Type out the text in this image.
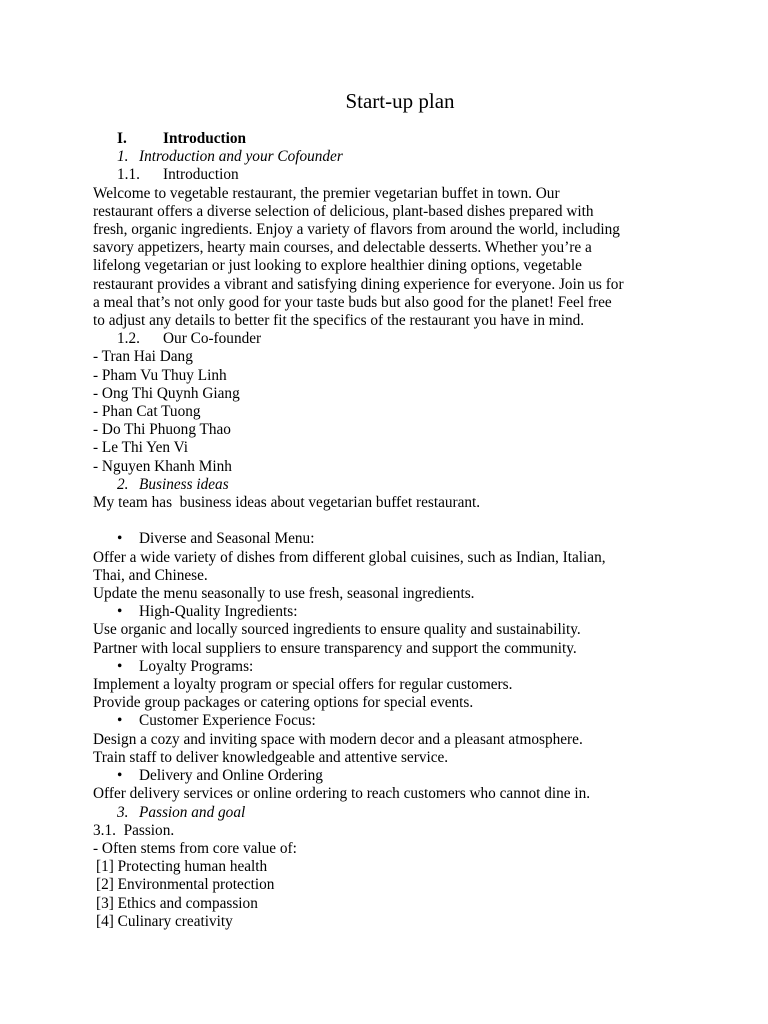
Start-up plan
I. Introduction
1. Introduction and your Cofounder
1.1. Introduction
Welcome to vegetable restaurant, the premier vegetarian buffet in town. Our
restaurant offers a diverse selection of delicious, plant-based dishes prepared with
fresh, organic ingredients. Enjoy a variety of flavors from around the world, including
savory appetizers, hearty main courses, and delectable desserts. Whether you’re a
lifelong vegetarian or just looking to explore healthier dining options, vegetable
restaurant provides a vibrant and satisfying dining experience for everyone. Join us for
a meal that’s not only good for your taste buds but also good for the planet! Feel free
to adjust any details to better fit the specifics of the restaurant you have in mind.
1.2. Our Co-founder
- Tran Hai Dang
- Pham Vu Thuy Linh
- Ong Thi Quynh Giang
- Phan Cat Tuong
- Do Thi Phuong Thao
- Le Thi Yen Vi
- Nguyen Khanh Minh
2. Business ideas
My team has  business ideas about vegetarian buffet restaurant.
• Diverse and Seasonal Menu:
Offer a wide variety of dishes from different global cuisines, such as Indian, Italian,
Thai, and Chinese.
Update the menu seasonally to use fresh, seasonal ingredients.
• High-Quality Ingredients:
Use organic and locally sourced ingredients to ensure quality and sustainability.
Partner with local suppliers to ensure transparency and support the community.
• Loyalty Programs:
Implement a loyalty program or special offers for regular customers.
Provide group packages or catering options for special events.
• Customer Experience Focus:
Design a cozy and inviting space with modern decor and a pleasant atmosphere.
Train staff to deliver knowledgeable and attentive service.
• Delivery and Online Ordering
Offer delivery services or online ordering to reach customers who cannot dine in.
3. Passion and goal
3.1.  Passion.
- Often stems from core value of:
[1] Protecting human health
[2] Environmental protection
[3] Ethics and compassion
[4] Culinary creativity
